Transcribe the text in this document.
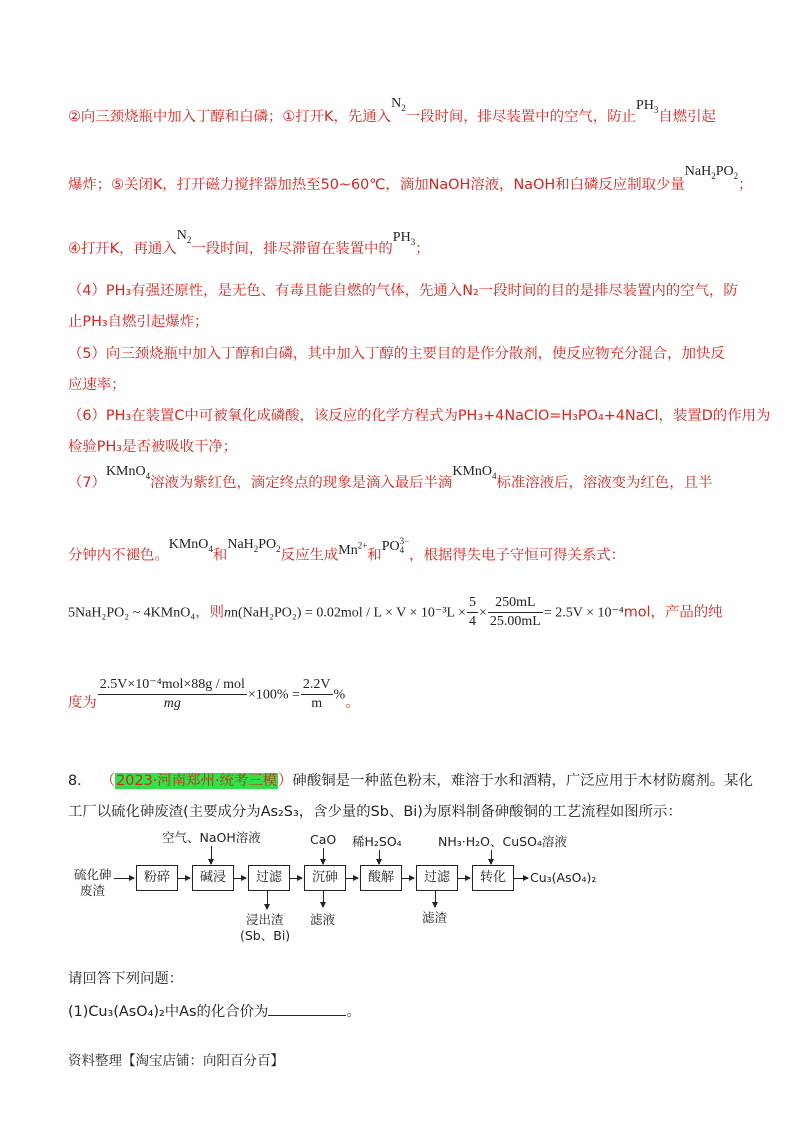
②向三颈烧瓶中加入丁醇和白磷；①打开K，先通入$N_2$一段时间，排尽装置中的空气，防止$PH_3$自燃引起
爆炸；⑤关闭K，打开磁力搅拌器加热至50~60℃，滴加NaOH溶液，NaOH和白磷反应制取少量$NaH_2PO_2$；
④打开K，再通入$N_2$一段时间，排尽滞留在装置中的$PH_3$；
（4）PH₃有强还原性，是无色、有毒且能自燃的气体，先通入N₂一段时间的目的是排尽装置内的空气，防
止PH₃自燃引起爆炸；
（5）向三颈烧瓶中加入丁醇和白磷，其中加入丁醇的主要目的是作分散剂，使反应物充分混合，加快反
应速率；
（6）PH₃在装置C中可被氧化成磷酸，该反应的化学方程式为PH₃+4NaClO=H₃PO₄+4NaCl，装置D的作用为
检验PH₃是否被吸收干净；
（7）KMnO$_4$溶液为紫红色，滴定终点的现象是滴入最后半滴KMnO$_4$标准溶液后，溶液变为红色，且半
分钟内不褪色。KMnO$_4$和$NaH_2PO_2$反应生成$Mn^{2+}$和PO 3−
4 ，根据得失电子守恒可得关系式：
5NaH₂PO₂ ~ 4KMnO₄，则$nn(NaH_2PO_2) = 0.02mol / L \times V \times 10^{-3}L \times \frac{5}{4} \times \frac{250mL}{25.00mL} = 2.5V \times 10^{-4}mol$，产品的纯
度为 $\frac{\text{2.5V×10⁻⁴mol×88g / mol}}{mg} \times 100\% = \frac{2.2V}{m}$ %。
8． （2023·河南郑州·统考三模）砷酸铜是一种蓝色粉末，难溶于水和酒精，广泛应用于木材防腐剂。某化
工厂以硫化砷废渣(主要成分为As₂S₃，含少量的Sb、Bi)为原料制备砷酸铜的工艺流程如图所示：
硫化砷
废渣
粉碎
空气、NaOH溶液
碱浸	过滤
浸出渣
(Sb、Bi)
CaO
沉砷
滤液
稀H₂SO₄
酸解	过滤
滤渣
NH₃·H₂O、CuSO₄溶液
转化	Cu₃(AsO₄)₂
请回答下列问题：
(1)Cu₃(AsO₄)₂中As的化合价为	。
资料整理【淘宝店铺：向阳百分百】
